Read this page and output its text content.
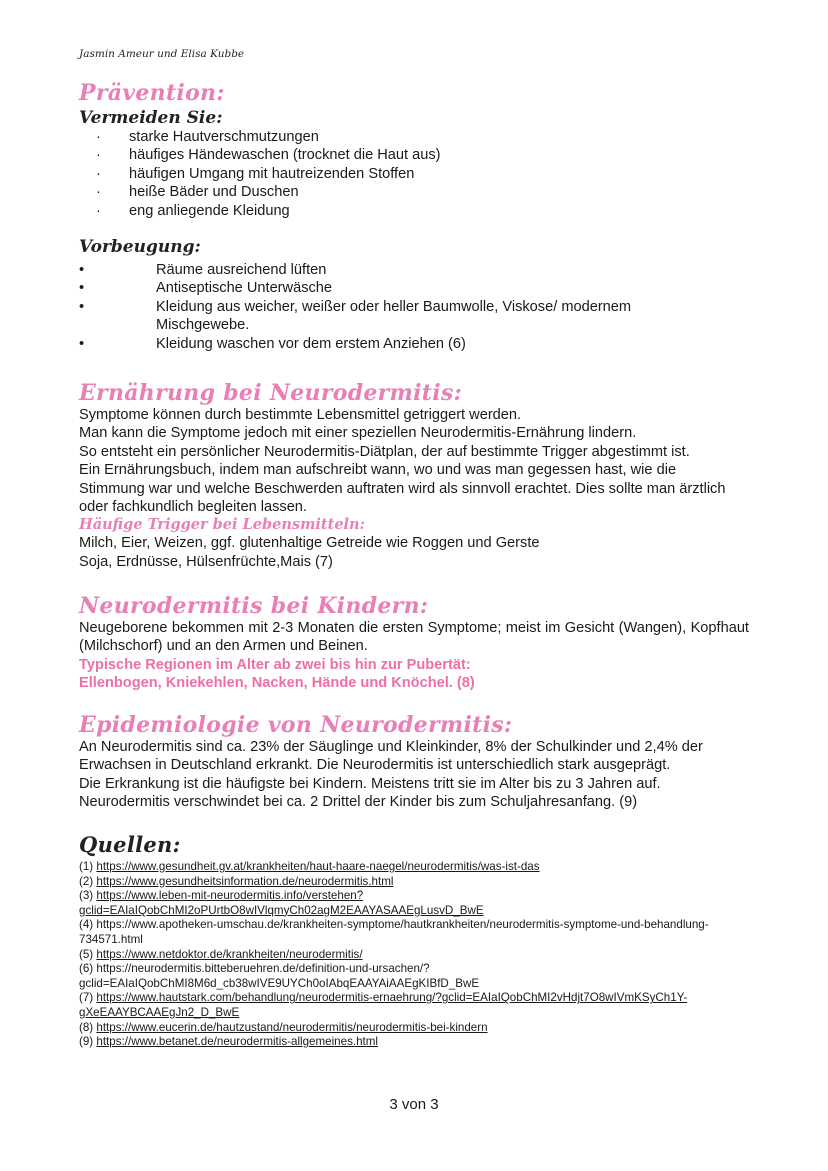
Jasmin Ameur und Elisa Kubbe
Prävention:
Vermeiden Sie:
· starke Hautverschmutzungen
· häufiges Händewaschen (trocknet die Haut aus)
· häufigen Umgang mit hautreizenden Stoffen
· heiße Bäder und Duschen
· eng anliegende Kleidung
Vorbeugung:
•	Räume ausreichend lüften
•	Antiseptische Unterwäsche
•	Kleidung aus weicher, weißer oder heller Baumwolle, Viskose/ modernem Mischgewebe.
•	Kleidung waschen vor dem erstem Anziehen (6)
Ernährung bei Neurodermitis:

Symptome können durch bestimmte Lebensmittel getriggert werden.

Man kann die Symptome jedoch mit einer speziellen Neurodermitis-Ernährung lindern.

So entsteht ein persönlicher Neurodermitis-Diätplan, der auf bestimmte Trigger abgestimmt ist.

Ein Ernährungsbuch, indem man aufschreibt wann, wo und was man gegessen hast, wie die Stimmung war und welche Beschwerden auftraten wird als sinnvoll erachtet. Dies sollte man ärztlich oder fachkundlich begleiten lassen.

Häufige Trigger bei Lebensmitteln:

Milch, Eier, Weizen, ggf. glutenhaltige Getreide wie Roggen und Gerste

Soja, Erdnüsse, Hülsenfrüchte,Mais (7)

Neurodermitis bei Kindern:

Neugeborene bekommen mit 2-3 Monaten die ersten Symptome; meist im Gesicht (Wangen), Kopfhaut (Milchschorf) und an den Armen und Beinen.

Typische Regionen im Alter ab zwei bis hin zur Pubertät:

Ellenbogen, Kniekehlen, Nacken, Hände und Knöchel. (8)

Epidemiologie von Neurodermitis:

An Neurodermitis sind ca. 23% der Säuglinge und Kleinkinder, 8% der Schulkinder und 2,4% der Erwachsen in Deutschland erkrankt. Die Neurodermitis ist unterschiedlich stark ausgeprägt.

Die Erkrankung ist die häufigste bei Kindern. Meistens tritt sie im Alter bis zu 3 Jahren auf.

Neurodermitis verschwindet bei ca. 2 Drittel der Kinder bis zum Schuljahresanfang. (9)

Quellen:
(1) https://www.gesundheit.gv.at/krankheiten/haut-haare-naegel/neurodermitis/was-ist-das
(2) https://www.gesundheitsinformation.de/neurodermitis.html
(3) https://www.leben-mit-neurodermitis.info/verstehen?gclid=EAIaIQobChMI2oPUrtbO8wIVlqmyCh02agM2EAAYASAAEgLusvD_BwE
(4) https://www.apotheken-umschau.de/krankheiten-symptome/hautkrankheiten/neurodermitis-symptome-und-behandlung-734571.html
(5) https://www.netdoktor.de/krankheiten/neurodermitis/
(6) https://neurodermitis.bitteberuehren.de/definition-und-ursachen/?gclid=EAIaIQobChMI8M6d_cb38wIVE9UYCh0oIAbqEAAYAiAAEgKIBfD_BwE
(7) https://www.hautstark.com/behandlung/neurodermitis-ernaehrung/?gclid=EAIaIQobChMI2vHdjt7O8wIVmKSyCh1Y-gXeEAAYBCAAEgJn2_D_BwE
(8) https://www.eucerin.de/hautzustand/neurodermitis/neurodermitis-bei-kindern
(9) https://www.betanet.de/neurodermitis-allgemeines.html
3 von 3
